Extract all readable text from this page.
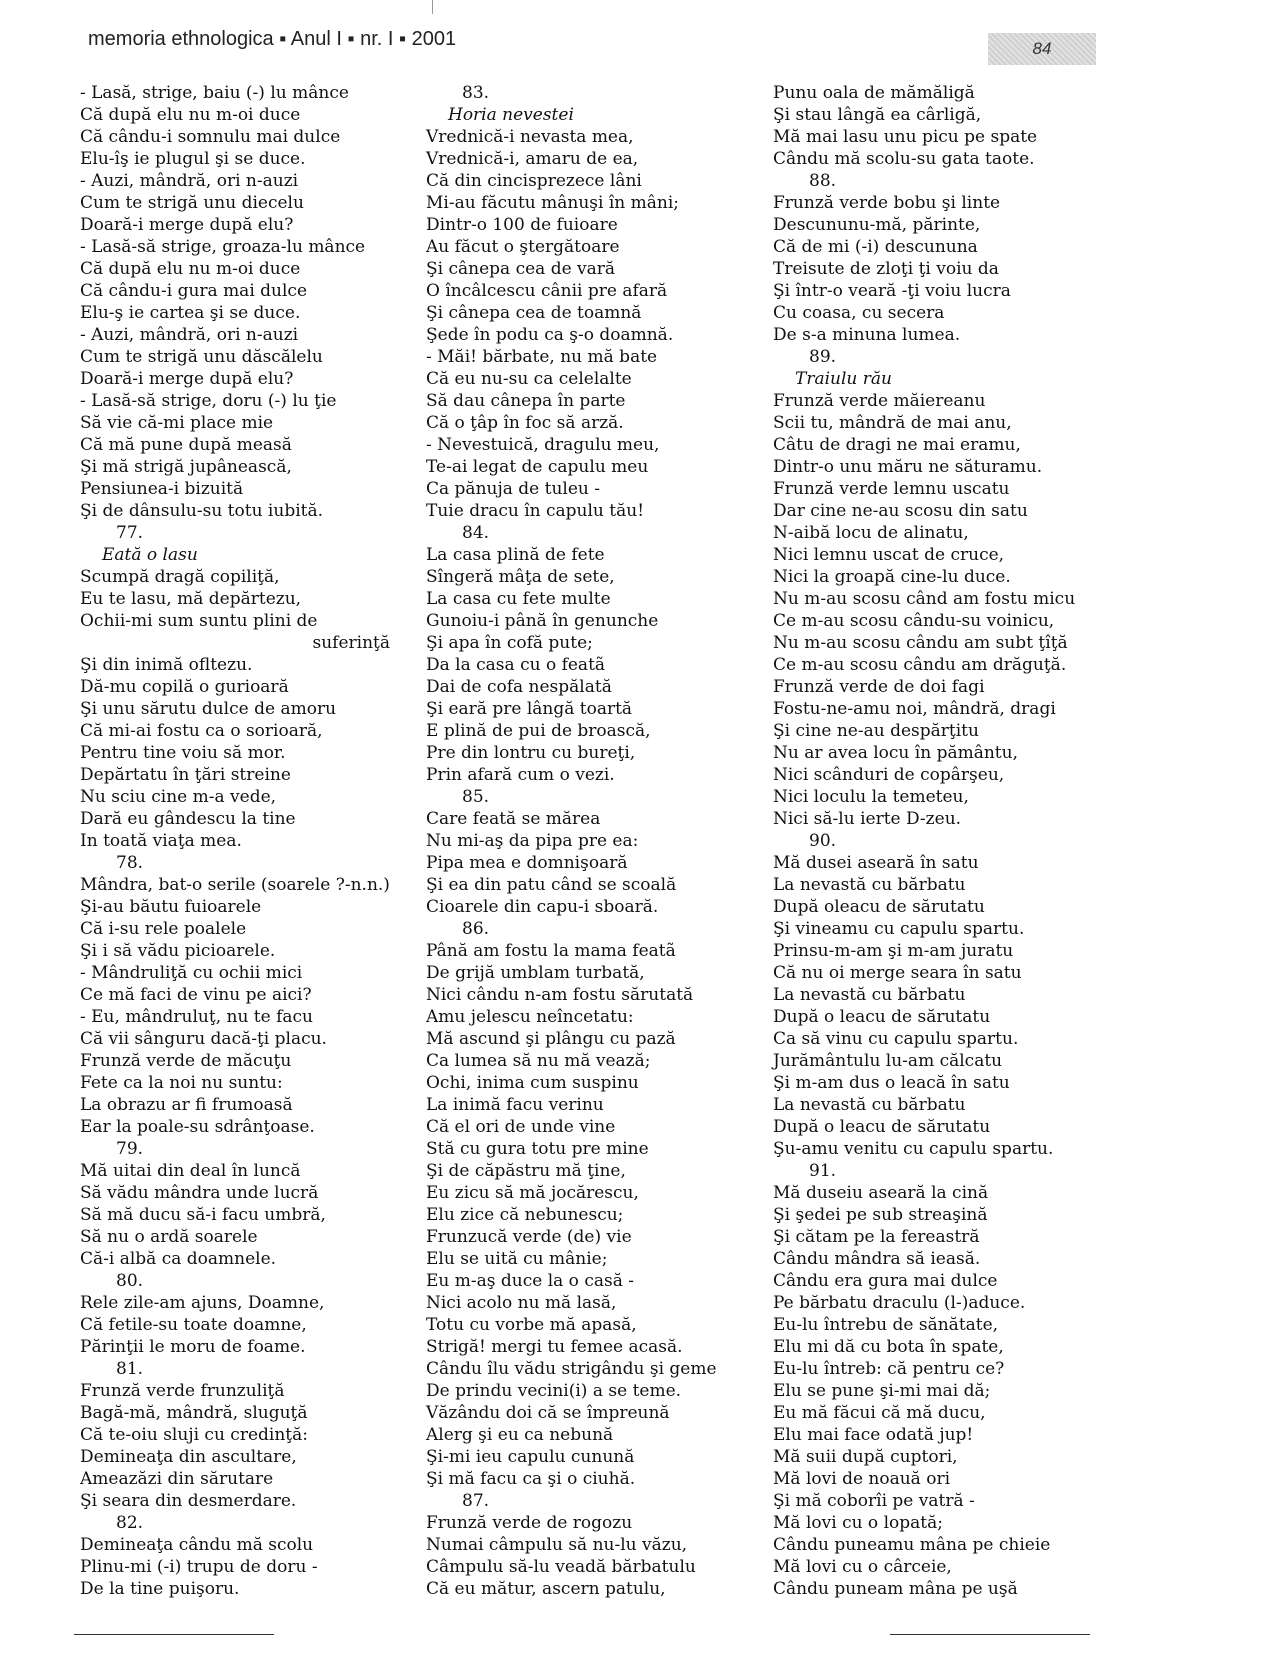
memoria ethnologica ▪ Anul I ▪ nr. I ▪ 2001	84
- Lasă, strige, baiu (-) lu mânce
Că după elu nu m-oi duce
Că cându-i somnulu mai dulce
Elu-îş ie plugul şi se duce.
- Auzi, mândră, ori n-auzi
Cum te strigă unu diecelu
Doară-i merge după elu?
- Lasă-să strige, groaza-lu mânce
Că după elu nu m-oi duce
Că cându-i gura mai dulce
Elu-ş ie cartea şi se duce.
- Auzi, mândră, ori n-auzi
Cum te strigă unu dăscălelu
Doară-i merge după elu?
- Lasă-să strige, doru (-) lu ţie
Să vie că-mi place mie
Că mă pune după measă
Şi mă strigă jupânească,
Pensiunea-i bizuită
Şi de dânsulu-su totu iubită.
77.
Eată o lasu
Scumpă dragă copiliţă,
Eu te lasu, mă depărtezu,
Ochii-mi sum suntu plini de
suferinţă
Şi din inimă ofltezu.
Dă-mu copilă o gurioară
Şi unu sărutu dulce de amoru
Că mi-ai fostu ca o sorioară,
Pentru tine voiu să mor.
Depărtatu în ţări streine
Nu sciu cine m-a vede,
Dară eu gândescu la tine
In toată viaţa mea.
78.
Mândra, bat-o serile (soarele ?-n.n.)
Şi-au băutu fuioarele
Că i-su rele poalele
Şi i să vădu picioarele.
- Mândruliţă cu ochii mici
Ce mă faci de vinu pe aici?
- Eu, mândruluţ, nu te facu
Că vii sânguru dacă-ţi placu.
Frunză verde de măcuţu
Fete ca la noi nu suntu:
La obrazu ar fi frumoasă
Ear la poale-su sdrânţoase.
79.
Mă uitai din deal în luncă
Să vădu mândra unde lucră
Să mă ducu să-i facu umbră,
Să nu o ardă soarele
Că-i albă ca doamnele.
80.
Rele zile-am ajuns, Doamne,
Că fetile-su toate doamne,
Părinţii le moru de foame.
81.
Frunză verde frunzuliţă
Bagă-mă, mândră, sluguţă
Că te-oiu sluji cu credinţă:
Demineaţa din ascultare,
Ameazăzi din sărutare
Şi seara din desmerdare.
82.
Demineaţa cându mă scolu
Plinu-mi (-i) trupu de doru -
De la tine puişoru.
83.
Horia nevestei
Vrednică-i nevasta mea,
Vrednică-i, amaru de ea,
Că din cincisprezece lâni
Mi-au făcutu mânuşi în mâni;
Dintr-o 100 de fuioare
Au făcut o ştergătoare
Şi cânepa cea de vară
O încâlcescu cânii pre afară
Şi cânepa cea de toamnă
Şede în podu ca ş-o doamnă.
- Măi! bărbate, nu mă bate
Că eu nu-su ca celelalte
Să dau cânepa în parte
Că o ţâp în foc să arză.
- Nevestuică, dragulu meu,
Te-ai legat de capulu meu
Ca pănuja de tuleu -
Tuie dracu în capulu tău!
84.
La casa plină de fete
Sîngeră mâţa de sete,
La casa cu fete multe
Gunoiu-i până în genunche
Şi apa în cofă pute;
Da la casa cu o featã
Dai de cofa nespălată
Şi eară pre lângă toartă
E plină de pui de broască,
Pre din lontru cu bureţi,
Prin afară cum o vezi.
85.
Care feată se mărea
Nu mi-aş da pipa pre ea:
Pipa mea e domnişoară
Şi ea din patu când se scoală
Cioarele din capu-i sboară.
86.
Până am fostu la mama featã
De grijă umblam turbată,
Nici cându n-am fostu sărutată
Amu jelescu neîncetatu:
Mă ascund şi plângu cu pază
Ca lumea să nu mă vează;
Ochi, inima cum suspinu
La inimă facu verinu
Că el ori de unde vine
Stă cu gura totu pre mine
Şi de căpăstru mă ţine,
Eu zicu să mă jocărescu,
Elu zice că nebunescu;
Frunzucă verde (de) vie
Elu se uită cu mânie;
Eu m-aş duce la o casă -
Nici acolo nu mă lasă,
Totu cu vorbe mă apasă,
Strigă! mergi tu femee acasă.
Cându îlu vădu strigându şi geme
De prindu vecini(i) a se teme.
Văzându doi că se împreună
Alerg şi eu ca nebună
Şi-mi ieu capulu cunună
Şi mă facu ca şi o ciuhă.
87.
Frunză verde de rogozu
Numai câmpulu să nu-lu văzu,
Câmpulu să-lu veadă bărbatulu
Că eu mătur, ascern patulu,
Punu oala de mămăligă
Şi stau lângă ea cârligă,
Mă mai lasu unu picu pe spate
Cându mă scolu-su gata taote.
88.
Frunză verde bobu şi linte
Descununu-mă, părinte,
Că de mi (-i) descununa
Treisute de zloţi ţi voiu da
Şi într-o veară -ţi voiu lucra
Cu coasa, cu secera
De s-a minuna lumea.
89.
Traiulu rău
Frunză verde măiereanu
Scii tu, mândră de mai anu,
Câtu de dragi ne mai eramu,
Dintr-o unu măru ne săturamu.
Frunză verde lemnu uscatu
Dar cine ne-au scosu din satu
N-aibă locu de alinatu,
Nici lemnu uscat de cruce,
Nici la groapă cine-lu duce.
Nu m-au scosu când am fostu micu
Ce m-au scosu cându-su voinicu,
Nu m-au scosu cându am subt ţîţă
Ce m-au scosu cându am drăguţă.
Frunză verde de doi fagi
Fostu-ne-amu noi, mândră, dragi
Şi cine ne-au despărţitu
Nu ar avea locu în pământu,
Nici scânduri de copârşeu,
Nici loculu la temeteu,
Nici să-lu ierte D-zeu.
90.
Mă dusei aseară în satu
La nevastă cu bărbatu
După oleacu de sărutatu
Şi vineamu cu capulu spartu.
Prinsu-m-am şi m-am juratu
Că nu oi merge seara în satu
La nevastă cu bărbatu
După o leacu de sărutatu
Ca să vinu cu capulu spartu.
Jurământulu lu-am călcatu
Şi m-am dus o leacă în satu
La nevastă cu bărbatu
După o leacu de sărutatu
Şu-amu venitu cu capulu spartu.
91.
Mă duseiu aseară la cină
Şi şedei pe sub streaşină
Şi cătam pe la fereastră
Cându mândra să ieasă.
Cându era gura mai dulce
Pe bărbatu draculu (l-)aduce.
Eu-lu întrebu de sănătate,
Elu mi dă cu bota în spate,
Eu-lu întreb: că pentru ce?
Elu se pune şi-mi mai dă;
Eu mă făcui că mă ducu,
Elu mai face odată jup!
Mă suii după cuptori,
Mă lovi de noauă ori
Şi mă coborîi pe vatră -
Mă lovi cu o lopată;
Cându puneamu mâna pe chieie
Mă lovi cu o cârceie,
Cându puneam mâna pe uşă
